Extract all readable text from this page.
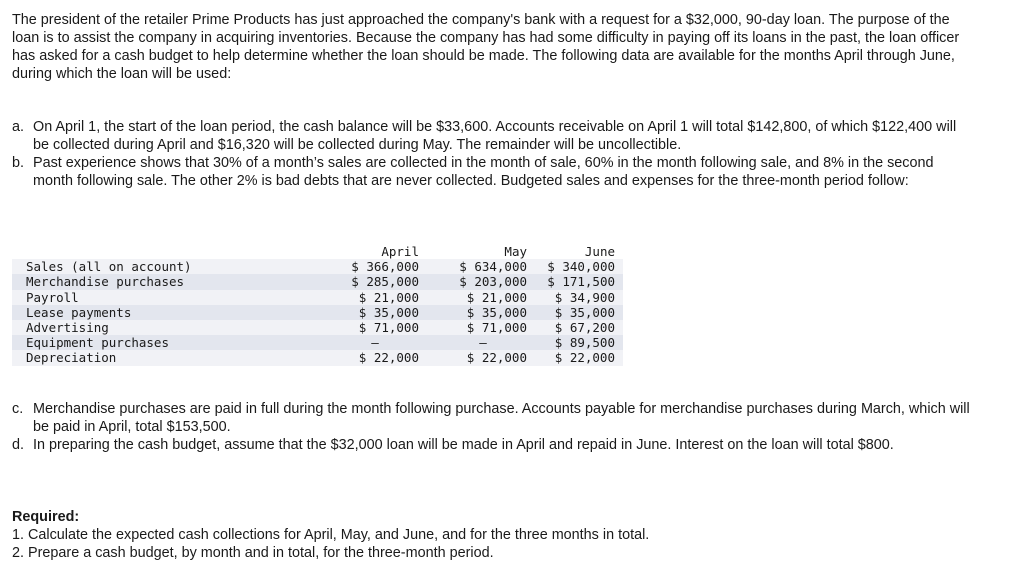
The president of the retailer Prime Products has just approached the company's bank with a request for a $32,000, 90-day loan. The purpose of the loan is to assist the company in acquiring inventories. Because the company has had some difficulty in paying off its loans in the past, the loan officer has asked for a cash budget to help determine whether the loan should be made. The following data are available for the months April through June, during which the loan will be used:
a. On April 1, the start of the loan period, the cash balance will be $33,600. Accounts receivable on April 1 will total $142,800, of which $122,400 will be collected during April and $16,320 will be collected during May. The remainder will be uncollectible.
b. Past experience shows that 30% of a month’s sales are collected in the month of sale, 60% in the month following sale, and 8% in the second month following sale. The other 2% is bad debts that are never collected. Budgeted sales and expenses for the three-month period follow:
	April	May	June
Sales (all on account)	$ 366,000	$ 634,000	$ 340,000
Merchandise purchases	$ 285,000	$ 203,000	$ 171,500
Payroll	$ 21,000	$ 21,000	$ 34,900
Lease payments	$ 35,000	$ 35,000	$ 35,000
Advertising	$ 71,000	$ 71,000	$ 67,200
Equipment purchases	–	–	$ 89,500
Depreciation	$ 22,000	$ 22,000	$ 22,000
c. Merchandise purchases are paid in full during the month following purchase. Accounts payable for merchandise purchases during March, which will be paid in April, total $153,500.
d. In preparing the cash budget, assume that the $32,000 loan will be made in April and repaid in June. Interest on the loan will total $800.
Required:
1. Calculate the expected cash collections for April, May, and June, and for the three months in total.
2. Prepare a cash budget, by month and in total, for the three-month period.
